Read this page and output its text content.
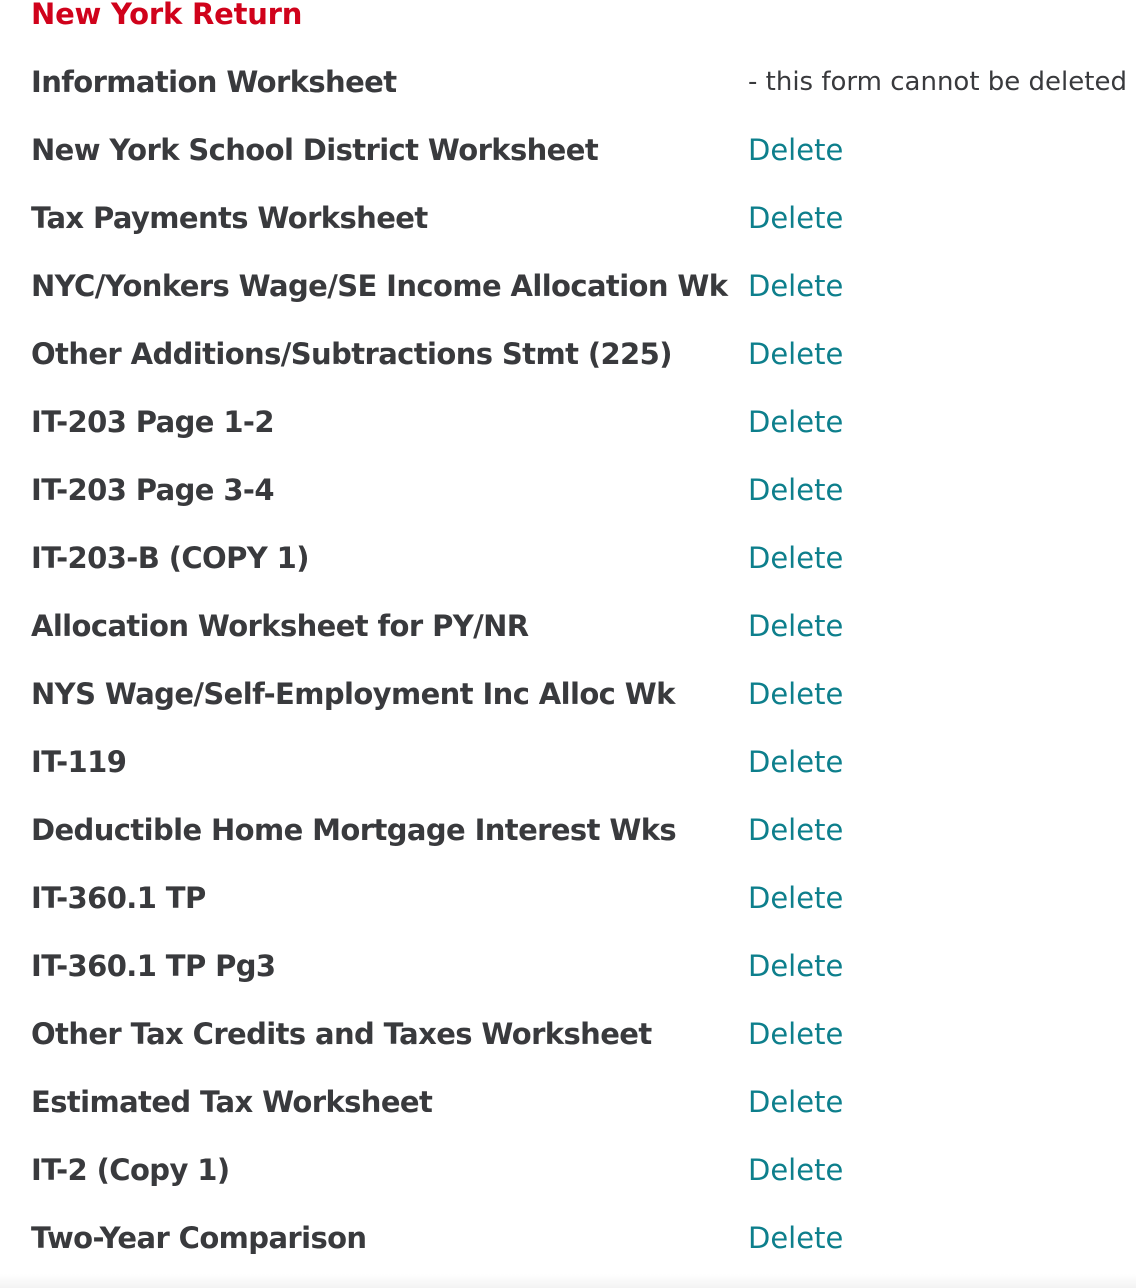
New York Return
Information Worksheet	- this form cannot be deleted
New York School District Worksheet	Delete
Tax Payments Worksheet	Delete
NYC/Yonkers Wage/SE Income Allocation Wk Delete
Other Additions/Subtractions Stmt (225)	Delete
IT-203 Page 1-2	Delete
IT-203 Page 3-4	Delete
IT-203-B (COPY 1)	Delete
Allocation Worksheet for PY/NR	Delete
NYS Wage/Self-Employment Inc Alloc Wk	Delete
IT-119	Delete
Deductible Home Mortgage Interest Wks	Delete
IT-360.1 TP	Delete
IT-360.1 TP Pg3	Delete
Other Tax Credits and Taxes Worksheet	Delete
Estimated Tax Worksheet	Delete
IT-2 (Copy 1)	Delete
Two-Year Comparison	Delete
